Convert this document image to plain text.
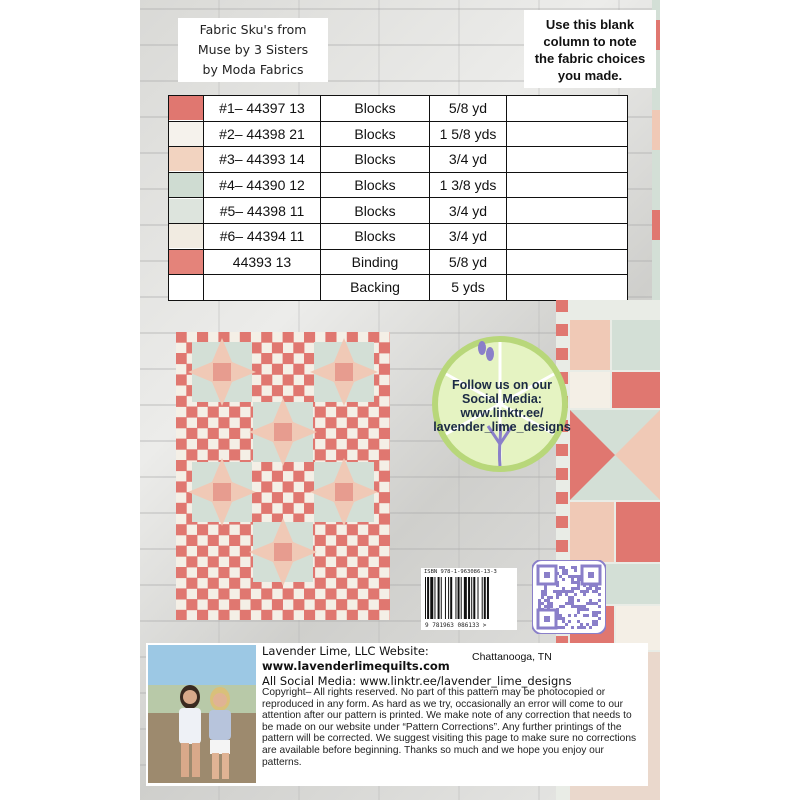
Fabric Sku's from
Muse by 3 Sisters
by Moda Fabrics
Use this blank
column to note
the fabric choices
you made.
	#1– 44397 13	Blocks	5/8 yd	

	#2– 44398 21	Blocks	1 5/8 yds	

	#3– 44393 14	Blocks	3/4 yd	

	#4– 44390 12	Blocks	1 3/8 yds	

	#5– 44398 11	Blocks	3/4 yd	

	#6– 44394 11	Blocks	3/4 yd	

	44393 13	Binding	5/8 yd	

		Backing	5 yds	
Follow us on our
Social Media:
www.linktr.ee/
lavender_lime_designs
ISBN 978-1-963086-13-3
9 781963 086133 >
Lavender Lime, LLC Website:
www.lavenderlimequilts.com
All Social Media: www.linktr.ee/lavender_lime_designs
Chattanooga, TN
Copyright– All rights reserved. No part of this pattern may be photocopied or reproduced in any form. As hard as we try, occasionally an error will come to our attention after our pattern is printed. We make note of any correction that needs to be made on our website under “Pattern Corrections”. Any further printings of the pattern will be corrected. We suggest visiting this page to make sure no corrections are available before beginning. Thanks so much and we hope you enjoy our patterns.
